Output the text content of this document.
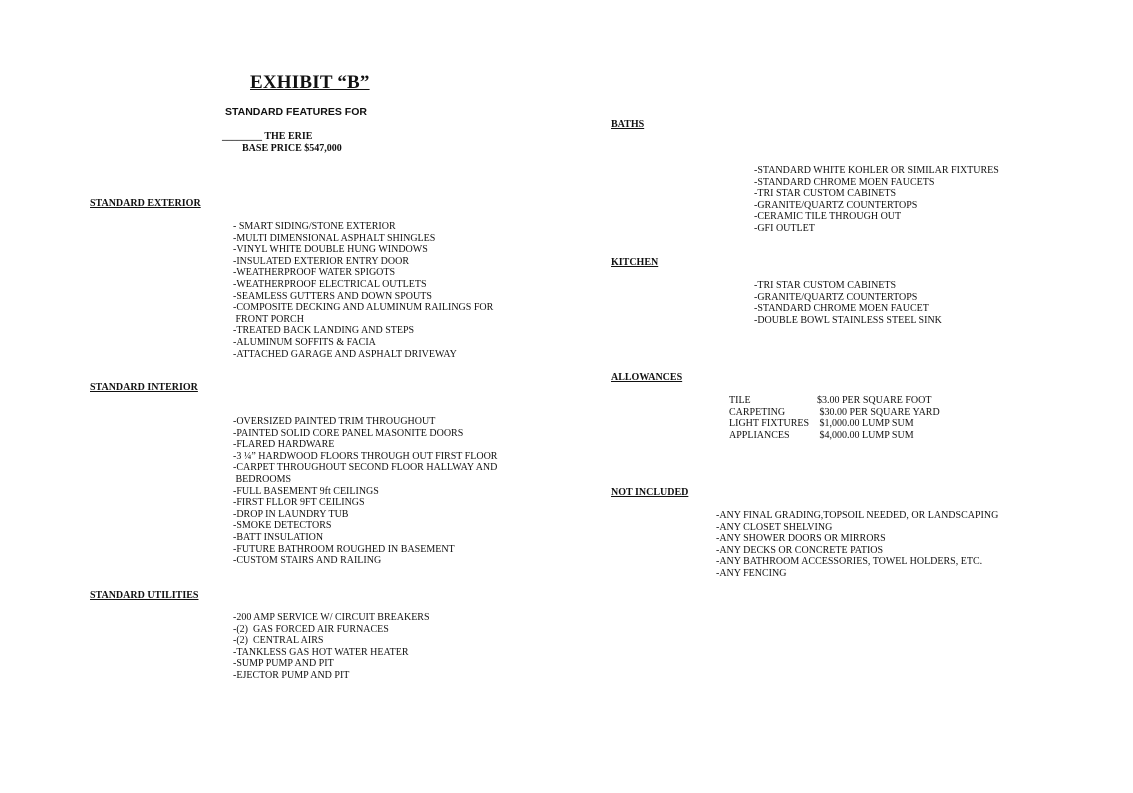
EXHIBIT “B”
STANDARD FEATURES FOR
________ THE ERIE
BASE PRICE $547,000
STANDARD EXTERIOR
- SMART SIDING/STONE EXTERIOR
-MULTI DIMENSIONAL ASPHALT SHINGLES
-VINYL WHITE DOUBLE HUNG WINDOWS
-INSULATED EXTERIOR ENTRY DOOR
-WEATHERPROOF WATER SPIGOTS
-WEATHERPROOF ELECTRICAL OUTLETS
-SEAMLESS GUTTERS AND DOWN SPOUTS
-COMPOSITE DECKING AND ALUMINUM RAILINGS FOR
FRONT PORCH
-TREATED BACK LANDING AND STEPS
-ALUMINUM SOFFITS & FACIA
-ATTACHED GARAGE AND ASPHALT DRIVEWAY
STANDARD INTERIOR
-OVERSIZED PAINTED TRIM THROUGHOUT
-PAINTED SOLID CORE PANEL MASONITE DOORS
-FLARED HARDWARE
-3 ¼” HARDWOOD FLOORS THROUGH OUT FIRST FLOOR
-CARPET THROUGHOUT SECOND FLOOR HALLWAY AND
BEDROOMS
-FULL BASEMENT 9ft CEILINGS
-FIRST FLLOR 9FT CEILINGS
-DROP IN LAUNDRY TUB
-SMOKE DETECTORS
-BATT INSULATION
-FUTURE BATHROOM ROUGHED IN BASEMENT
-CUSTOM STAIRS AND RAILING
STANDARD UTILITIES
-200 AMP SERVICE W/ CIRCUIT BREAKERS
-(2)  GAS FORCED AIR FURNACES
-(2)  CENTRAL AIRS
-TANKLESS GAS HOT WATER HEATER
-SUMP PUMP AND PIT
-EJECTOR PUMP AND PIT
BATHS
-STANDARD WHITE KOHLER OR SIMILAR FIXTURES
-STANDARD CHROME MOEN FAUCETS
-TRI STAR CUSTOM CABINETS
-GRANITE/QUARTZ COUNTERTOPS
-CERAMIC TILE THROUGH OUT
-GFI OUTLET
KITCHEN
-TRI STAR CUSTOM CABINETS
-GRANITE/QUARTZ COUNTERTOPS
-STANDARD CHROME MOEN FAUCET
-DOUBLE BOWL STAINLESS STEEL SINK
ALLOWANCES
TILE	$3.00 PER SQUARE FOOT
CARPETING	$30.00 PER SQUARE YARD
LIGHT FIXTURES $1,000.00 LUMP SUM
APPLIANCES	$4,000.00 LUMP SUM
NOT INCLUDED
-ANY FINAL GRADING,TOPSOIL NEEDED, OR LANDSCAPING
-ANY CLOSET SHELVING
-ANY SHOWER DOORS OR MIRRORS
-ANY DECKS OR CONCRETE PATIOS
-ANY BATHROOM ACCESSORIES, TOWEL HOLDERS, ETC.
-ANY FENCING
